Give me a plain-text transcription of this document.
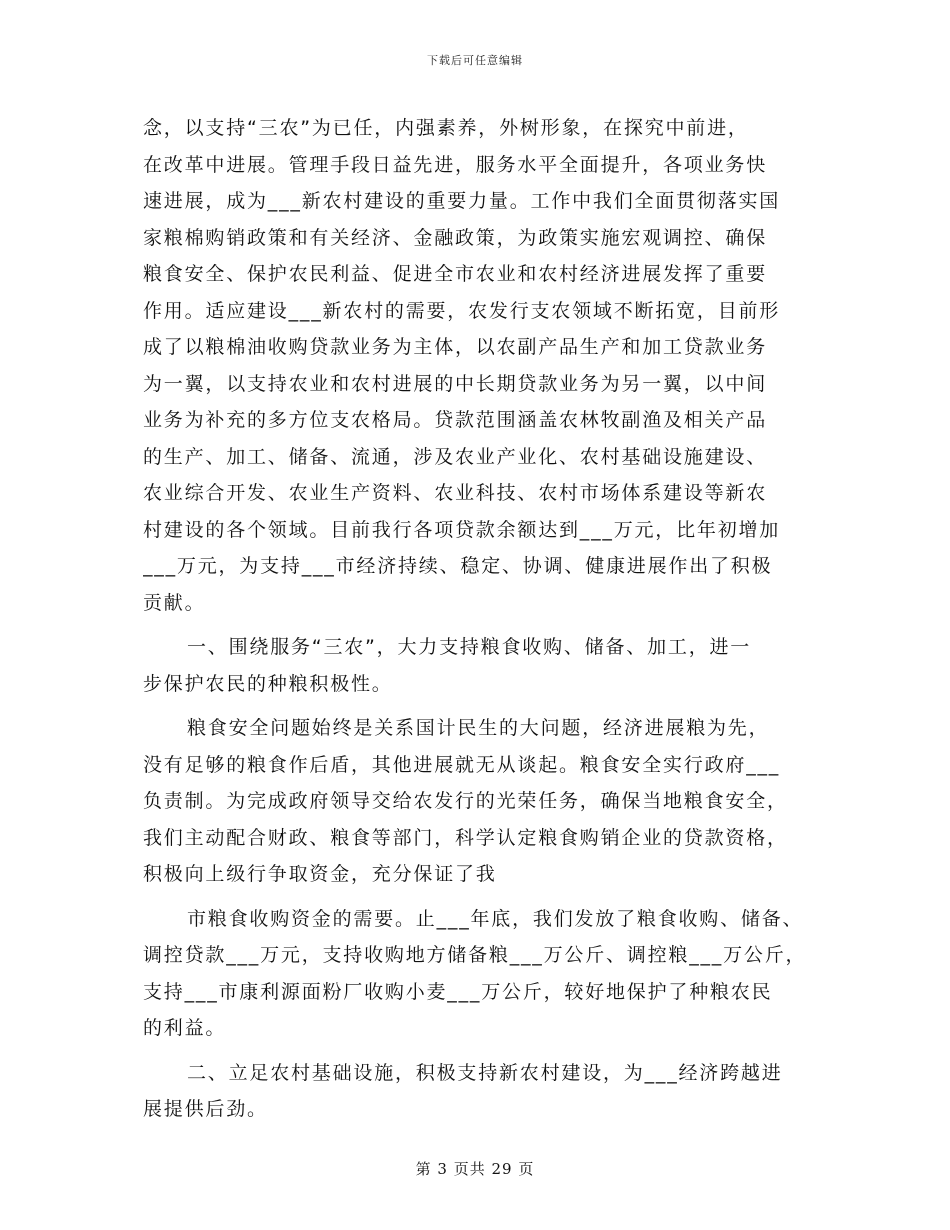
下载后可任意编辑
念，以支持“三农”为已任，内强素养，外树形象，在探究中前进，
在改革中进展。管理手段日益先进，服务水平全面提升，各项业务快
速进展，成为___新农村建设的重要力量。工作中我们全面贯彻落实国
家粮棉购销政策和有关经济、金融政策，为政策实施宏观调控、确保
粮食安全、保护农民利益、促进全市农业和农村经济进展发挥了重要
作用。适应建设___新农村的需要，农发行支农领域不断拓宽，目前形
成了以粮棉油收购贷款业务为主体，以农副产品生产和加工贷款业务
为一翼，以支持农业和农村进展的中长期贷款业务为另一翼，以中间
业务为补充的多方位支农格局。贷款范围涵盖农林牧副渔及相关产品
的生产、加工、储备、流通，涉及农业产业化、农村基础设施建设、
农业综合开发、农业生产资料、农业科技、农村市场体系建设等新农
村建设的各个领域。目前我行各项贷款余额达到___万元，比年初增加
___万元，为支持___市经济持续、稳定、协调、健康进展作出了积极
贡献。
一、围绕服务“三农”，大力支持粮食收购、储备、加工，进一
步保护农民的种粮积极性。
粮食安全问题始终是关系国计民生的大问题，经济进展粮为先，
没有足够的粮食作后盾，其他进展就无从谈起。粮食安全实行政府___
负责制。为完成政府领导交给农发行的光荣任务，确保当地粮食安全，
我们主动配合财政、粮食等部门，科学认定粮食购销企业的贷款资格，
积极向上级行争取资金，充分保证了我
市粮食收购资金的需要。止___年底，我们发放了粮食收购、储备、
调控贷款___万元，支持收购地方储备粮___万公斤、调控粮___万公斤，
支持___市康利源面粉厂收购小麦___万公斤，较好地保护了种粮农民
的利益。
二、立足农村基础设施，积极支持新农村建设，为___经济跨越进
展提供后劲。
第 3 页共 29 页
